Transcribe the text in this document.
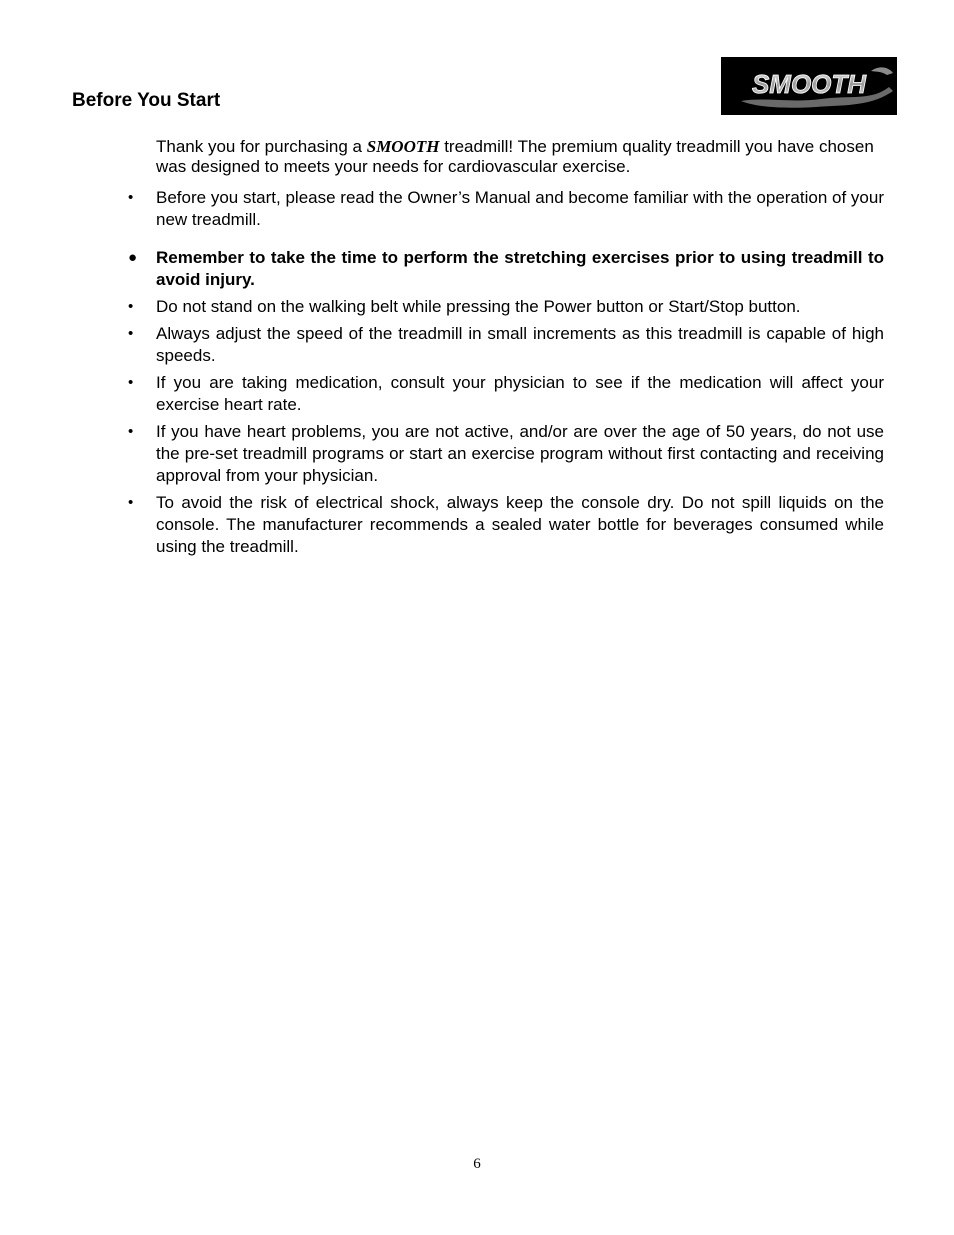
Before You Start
SMOOTH

Thank you for purchasing a SMOOTH treadmill! The premium quality treadmill you have chosen was designed to meets your needs for cardiovascular exercise.

• Before you start, please read the Owner’s Manual and become familiar with the operation of your new treadmill.
● Remember to take the time to perform the stretching exercises prior to using treadmill to avoid injury.
• Do not stand on the walking belt while pressing the Power button or Start/Stop button.
• Always adjust the speed of the treadmill in small increments as this treadmill is capable of high speeds.
• If you are taking medication, consult your physician to see if the medication will affect your exercise heart rate.
• If you have heart problems, you are not active, and/or are over the age of 50 years, do not use the pre-set treadmill programs or start an exercise program without first contacting and receiving approval from your physician.
• To avoid the risk of electrical shock, always keep the console dry. Do not spill liquids on the console. The manufacturer recommends a sealed water bottle for beverages consumed while using the treadmill.
6
